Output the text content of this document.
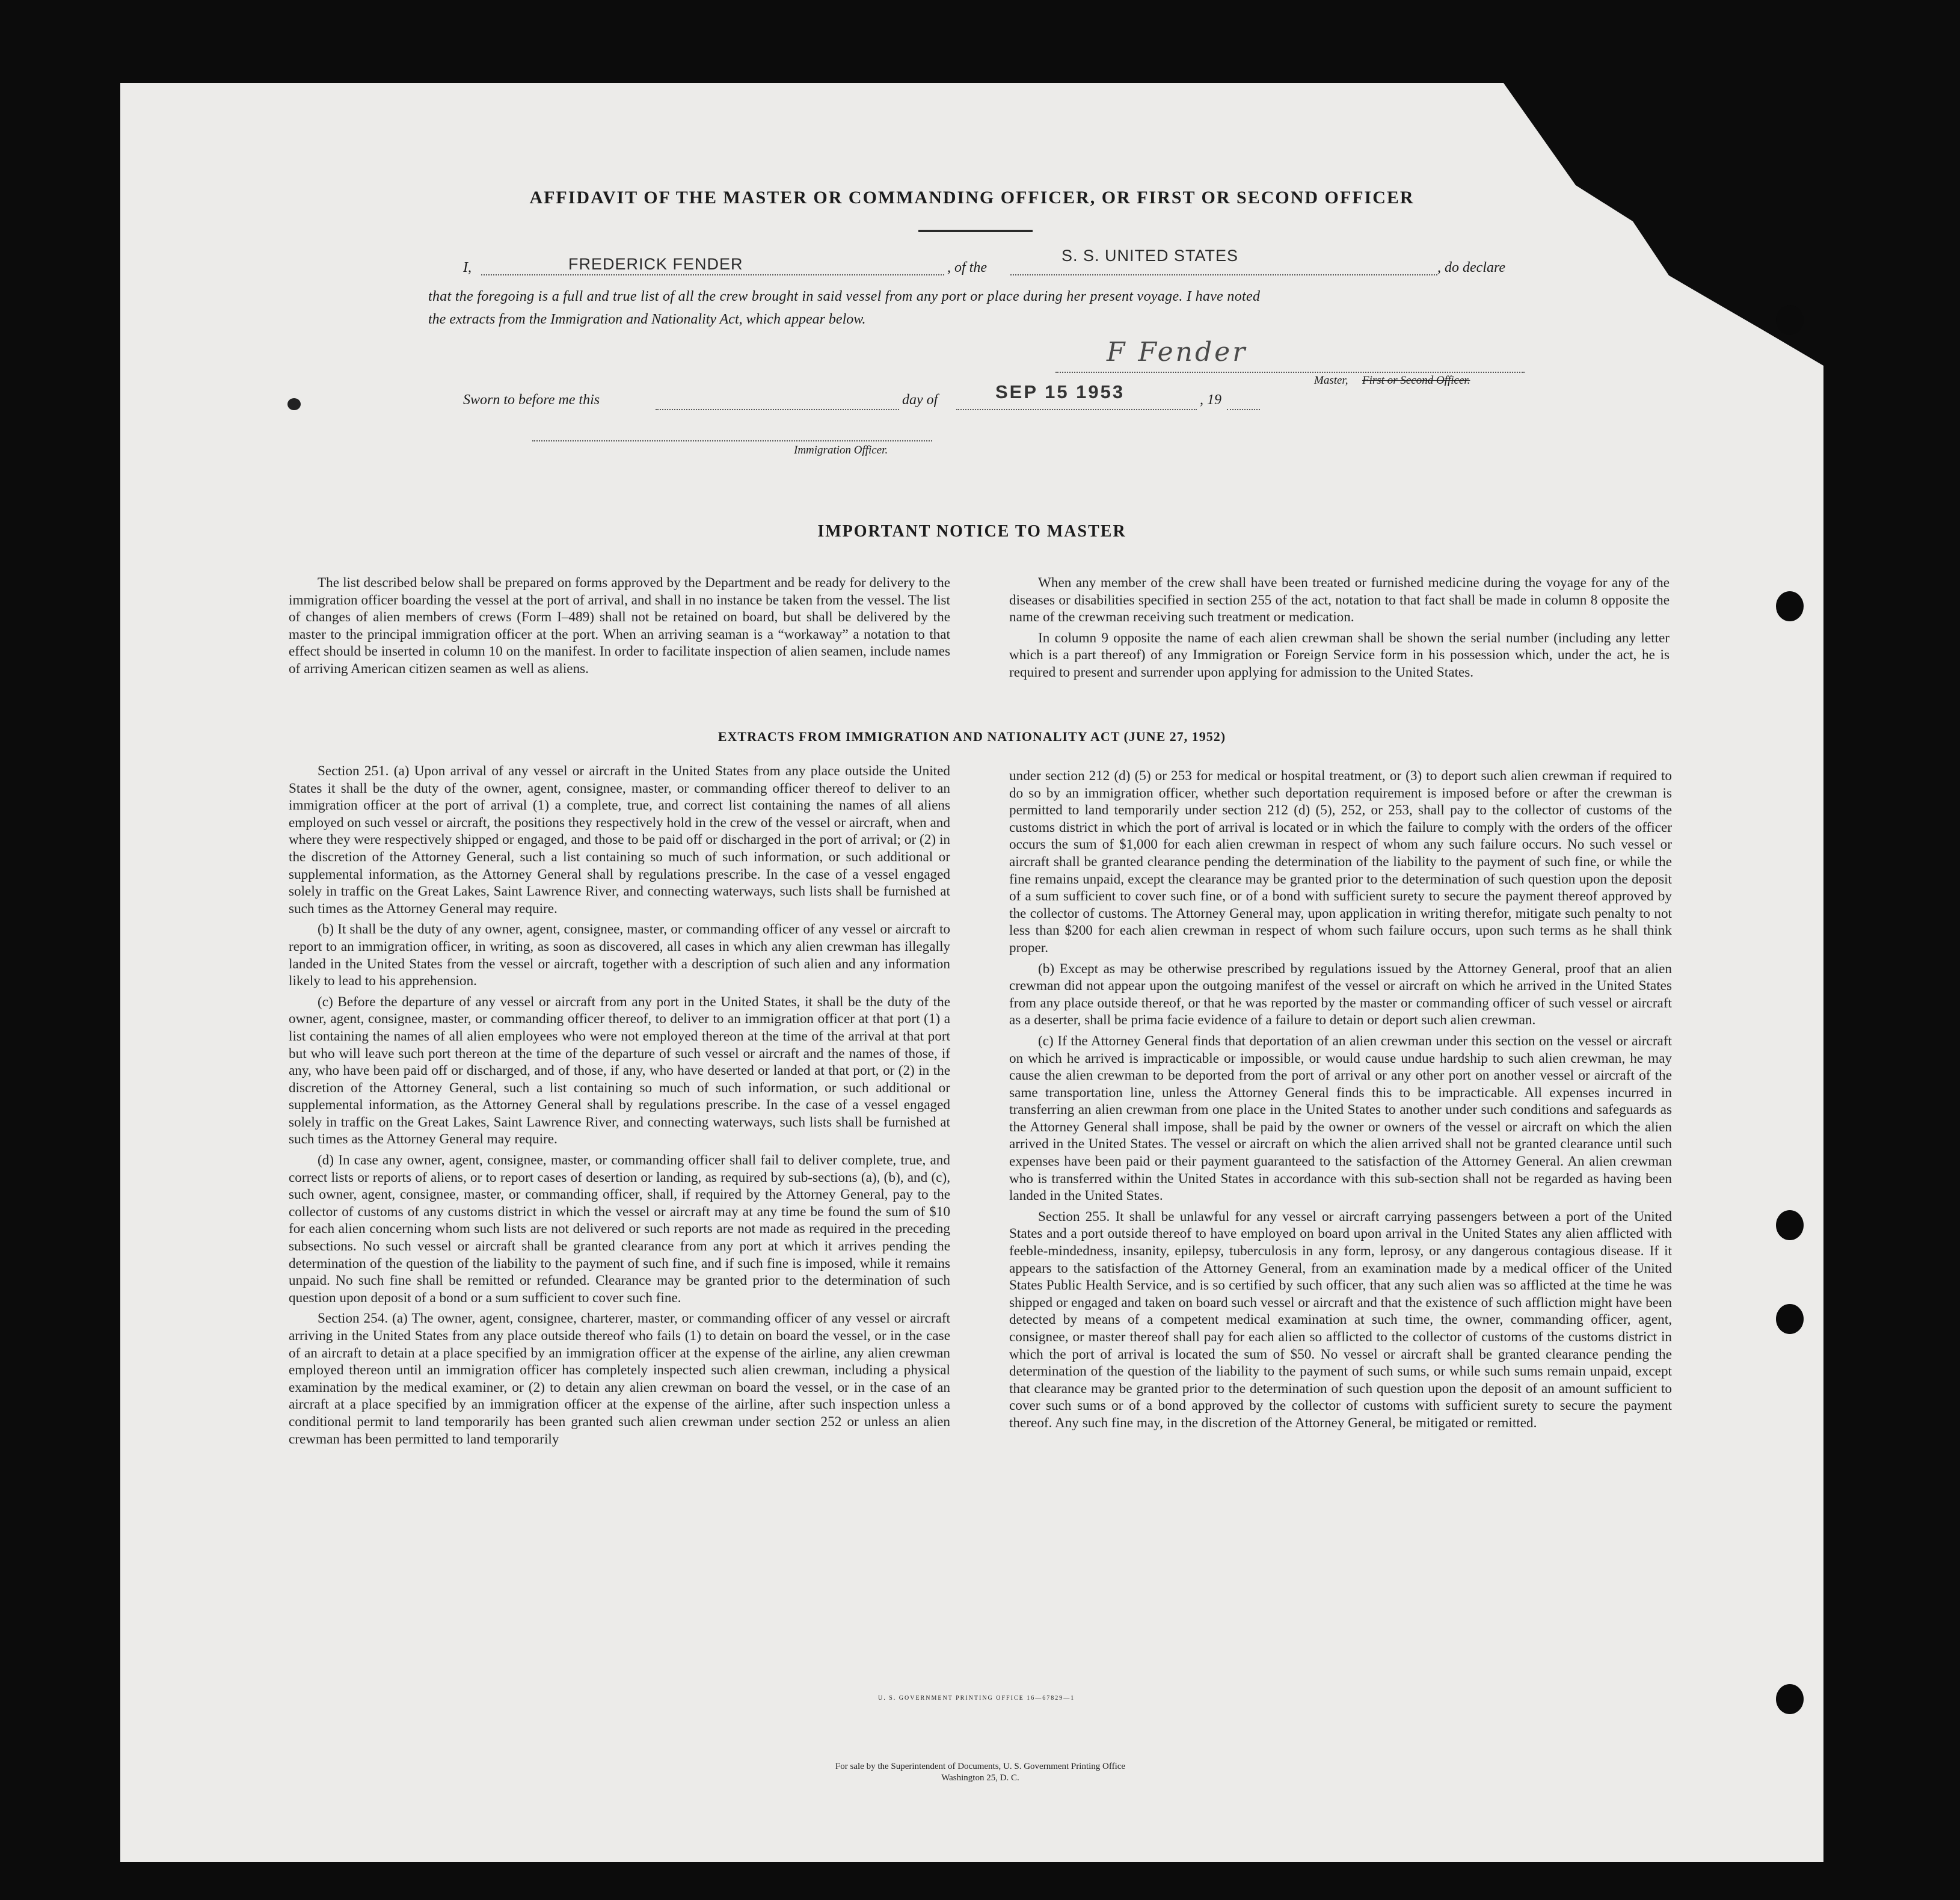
AFFIDAVIT OF THE MASTER OR COMMANDING OFFICER, OR FIRST OR SECOND OFFICER
I,	FREDERICK FENDER	, of the
S. S. UNITED STATES
, do declare
that the foregoing is a full and true list of all the crew brought in said vessel from any port or place during her present voyage. I have noted
the extracts from the Immigration and Nationality Act, which appear below.
F Fender
Master, First or Second Officer.
Sworn to before me this	day of	SEP 15 1953	, 19
Immigration Officer.
IMPORTANT NOTICE TO MASTER

The list described below shall be prepared on forms approved by the Department and be ready for delivery to the immigration officer boarding the vessel at the port of arrival, and shall in no instance be taken from the vessel. The list of changes of alien members of crews (Form I–489) shall not be retained on board, but shall be delivered by the master to the principal immigration officer at the port. When an arriving seaman is a “workaway” a notation to that effect should be inserted in column 10 on the manifest. In order to facilitate inspection of alien seamen, include names of arriving American citizen seamen as well as aliens.

When any member of the crew shall have been treated or furnished medicine during the voyage for any of the diseases or disabilities specified in section 255 of the act, notation to that fact shall be made in column 8 opposite the name of the crewman receiving such treatment or medication.

In column 9 opposite the name of each alien crewman shall be shown the serial number (including any letter which is a part thereof) of any Immigration or Foreign Service form in his possession which, under the act, he is required to present and surrender upon applying for admission to the United States.

EXTRACTS FROM IMMIGRATION AND NATIONALITY ACT (JUNE 27, 1952)

Section 251. (a) Upon arrival of any vessel or aircraft in the United States from any place outside the United States it shall be the duty of the owner, agent, consignee, master, or commanding officer thereof to deliver to an immigration officer at the port of arrival (1) a complete, true, and correct list containing the names of all aliens employed on such vessel or aircraft, the positions they respectively hold in the crew of the vessel or aircraft, when and where they were respectively shipped or engaged, and those to be paid off or discharged in the port of arrival; or (2) in the discretion of the Attorney General, such a list containing so much of such information, or such additional or supplemental information, as the Attorney General shall by regulations prescribe. In the case of a vessel engaged solely in traffic on the Great Lakes, Saint Lawrence River, and connecting waterways, such lists shall be furnished at such times as the Attorney General may require.

(b) It shall be the duty of any owner, agent, consignee, master, or commanding officer of any vessel or aircraft to report to an immigration officer, in writing, as soon as discovered, all cases in which any alien crewman has illegally landed in the United States from the vessel or aircraft, together with a description of such alien and any information likely to lead to his apprehension.

(c) Before the departure of any vessel or aircraft from any port in the United States, it shall be the duty of the owner, agent, consignee, master, or commanding officer thereof, to deliver to an immigration officer at that port (1) a list containing the names of all alien employees who were not employed thereon at the time of the arrival at that port but who will leave such port thereon at the time of the departure of such vessel or aircraft and the names of those, if any, who have been paid off or discharged, and of those, if any, who have deserted or landed at that port, or (2) in the discretion of the Attorney General, such a list containing so much of such information, or such additional or supplemental information, as the Attorney General shall by regulations prescribe. In the case of a vessel engaged solely in traffic on the Great Lakes, Saint Lawrence River, and connecting waterways, such lists shall be furnished at such times as the Attorney General may require.

(d) In case any owner, agent, consignee, master, or commanding officer shall fail to deliver complete, true, and correct lists or reports of aliens, or to report cases of desertion or landing, as required by sub-sections (a), (b), and (c), such owner, agent, consignee, master, or commanding officer, shall, if required by the Attorney General, pay to the collector of customs of any customs district in which the vessel or aircraft may at any time be found the sum of $10 for each alien concerning whom such lists are not delivered or such reports are not made as required in the preceding subsections. No such vessel or aircraft shall be granted clearance from any port at which it arrives pending the determination of the question of the liability to the payment of such fine, and if such fine is imposed, while it remains unpaid. No such fine shall be remitted or refunded. Clearance may be granted prior to the determination of such question upon deposit of a bond or a sum sufficient to cover such fine.

Section 254. (a) The owner, agent, consignee, charterer, master, or commanding officer of any vessel or aircraft arriving in the United States from any place outside thereof who fails (1) to detain on board the vessel, or in the case of an aircraft to detain at a place specified by an immigration officer at the expense of the airline, any alien crewman employed thereon until an immigration officer has completely inspected such alien crewman, including a physical examination by the medical examiner, or (2) to detain any alien crewman on board the vessel, or in the case of an aircraft at a place specified by an immigration officer at the expense of the airline, after such inspection unless a conditional permit to land temporarily has been granted such alien crewman under section 252 or unless an alien crewman has been permitted to land temporarily

under section 212 (d) (5) or 253 for medical or hospital treatment, or (3) to deport such alien crewman if required to do so by an immigration officer, whether such deportation requirement is imposed before or after the crewman is permitted to land temporarily under section 212 (d) (5), 252, or 253, shall pay to the collector of customs of the customs district in which the port of arrival is located or in which the failure to comply with the orders of the officer occurs the sum of $1,000 for each alien crewman in respect of whom any such failure occurs. No such vessel or aircraft shall be granted clearance pending the determination of the liability to the payment of such fine, or while the fine remains unpaid, except the clearance may be granted prior to the determination of such question upon the deposit of a sum sufficient to cover such fine, or of a bond with sufficient surety to secure the payment thereof approved by the collector of customs. The Attorney General may, upon application in writing therefor, mitigate such penalty to not less than $200 for each alien crewman in respect of whom such failure occurs, upon such terms as he shall think proper.

(b) Except as may be otherwise prescribed by regulations issued by the Attorney General, proof that an alien crewman did not appear upon the outgoing manifest of the vessel or aircraft on which he arrived in the United States from any place outside thereof, or that he was reported by the master or commanding officer of such vessel or aircraft as a deserter, shall be prima facie evidence of a failure to detain or deport such alien crewman.

(c) If the Attorney General finds that deportation of an alien crewman under this section on the vessel or aircraft on which he arrived is impracticable or impossible, or would cause undue hardship to such alien crewman, he may cause the alien crewman to be deported from the port of arrival or any other port on another vessel or aircraft of the same transportation line, unless the Attorney General finds this to be impracticable. All expenses incurred in transferring an alien crewman from one place in the United States to another under such conditions and safeguards as the Attorney General shall impose, shall be paid by the owner or owners of the vessel or aircraft on which the alien arrived in the United States. The vessel or aircraft on which the alien arrived shall not be granted clearance until such expenses have been paid or their payment guaranteed to the satisfaction of the Attorney General. An alien crewman who is transferred within the United States in accordance with this sub-section shall not be regarded as having been landed in the United States.

Section 255. It shall be unlawful for any vessel or aircraft carrying passengers between a port of the United States and a port outside thereof to have employed on board upon arrival in the United States any alien afflicted with feeble-mindedness, insanity, epilepsy, tuberculosis in any form, leprosy, or any dangerous contagious disease. If it appears to the satisfaction of the Attorney General, from an examination made by a medical officer of the United States Public Health Service, and is so certified by such officer, that any such alien was so afflicted at the time he was shipped or engaged and taken on board such vessel or aircraft and that the existence of such affliction might have been detected by means of a competent medical examination at such time, the owner, commanding officer, agent, consignee, or master thereof shall pay for each alien so afflicted to the collector of customs of the customs district in which the port of arrival is located the sum of $50. No vessel or aircraft shall be granted clearance pending the determination of the question of the liability to the payment of such sums, or while such sums remain unpaid, except that clearance may be granted prior to the determination of such question upon the deposit of an amount sufficient to cover such sums or of a bond approved by the collector of customs with sufficient surety to secure the payment thereof. Any such fine may, in the discretion of the Attorney General, be mitigated or remitted.

U. S. GOVERNMENT PRINTING OFFICE 16—67829—1
For sale by the Superintendent of Documents, U. S. Government Printing Office
Washington 25, D. C.
